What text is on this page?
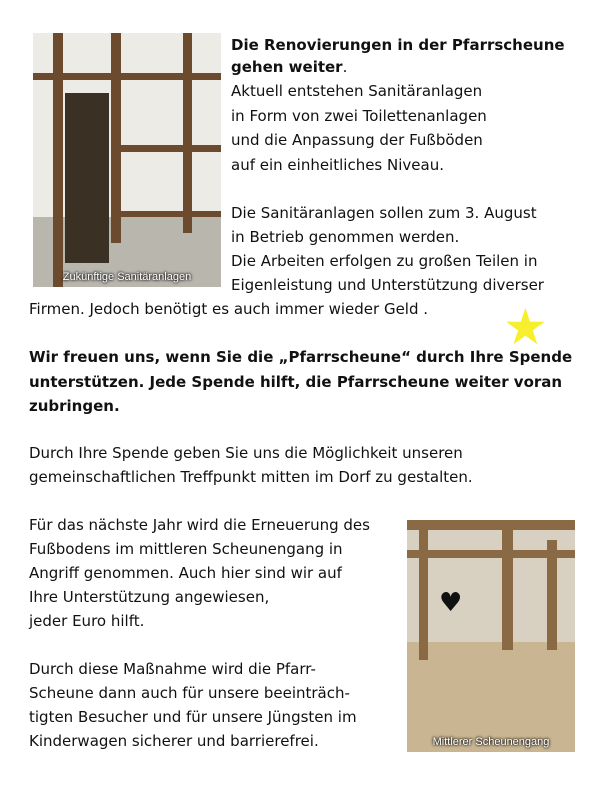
Zukünftige Sanitäranlagen
Die Renovierungen in der Pfarrscheune
gehen weiter.
Aktuell entstehen Sanitäranlagen
in Form von zwei Toilettenanlagen
und die Anpassung der Fußböden
auf ein einheitliches Niveau.
Die Sanitäranlagen sollen zum 3. August
in Betrieb genommen werden.
Die Arbeiten erfolgen zu großen Teilen in
Eigenleistung und Unterstützung diverser
Firmen. Jedoch benötigt es auch immer wieder Geld . ★
Wir freuen uns, wenn Sie die „Pfarrscheune“ durch Ihre Spende
unterstützen. Jede Spende hilft, die Pfarrscheune weiter voran
zubringen.
Durch Ihre Spende geben Sie uns die Möglichkeit unseren
gemeinschaftlichen Treffpunkt mitten im Dorf zu gestalten.
Für das nächste Jahr wird die Erneuerung des
Fußbodens im mittleren Scheunengang in
Angriff genommen. Auch hier sind wir auf
Ihre Unterstützung angewiesen,
jeder Euro hilft.
Durch diese Maßnahme wird die Pfarr-
Scheune dann auch für unsere beeinträch-
tigten Besucher und für unsere Jüngsten im
Kinderwagen sicherer und barrierefrei.
♥
Mittlerer Scheunengang
